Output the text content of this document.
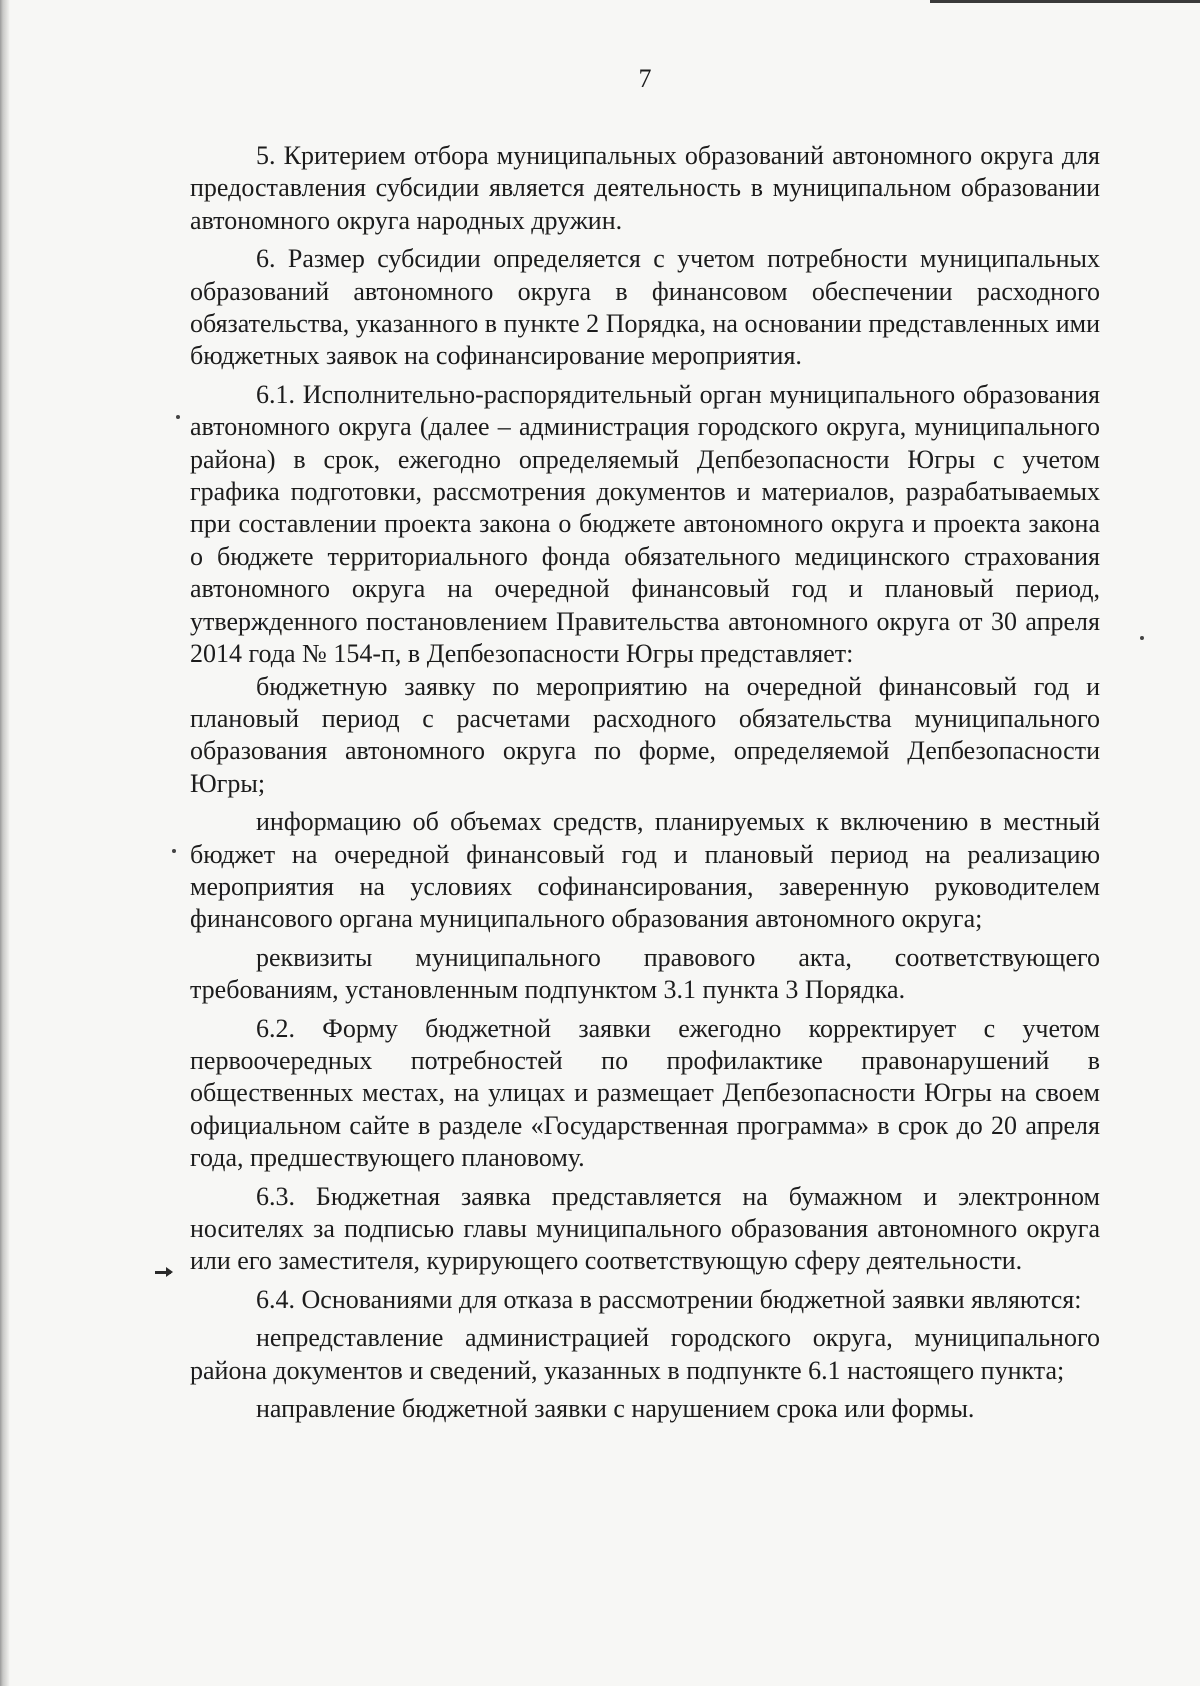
7

5. Критерием отбора муниципальных образований автономного округа для предоставления субсидии является деятельность в муниципальном образовании автономного округа народных дружин.

6. Размер субсидии определяется с учетом потребности муниципальных образований автономного округа в финансовом обеспечении расходного обязательства, указанного в пункте 2 Порядка, на основании представленных ими бюджетных заявок на софинансирование мероприятия.

6.1. Исполнительно-распорядительный орган муниципального образования автономного округа (далее – администрация городского округа, муниципального района) в срок, ежегодно определяемый Депбезопасности Югры с учетом графика подготовки, рассмотрения документов и материалов, разрабатываемых при составлении проекта закона о бюджете автономного округа и проекта закона о бюджете территориального фонда обязательного медицинского страхования автономного округа на очередной финансовый год и плановый период, утвержденного постановлением Правительства автономного округа от 30 апреля 2014 года № 154-п, в Депбезопасности Югры представляет:

бюджетную заявку по мероприятию на очередной финансовый год и плановый период с расчетами расходного обязательства муниципального образования автономного округа по форме, определяемой Депбезопасности Югры;

информацию об объемах средств, планируемых к включению в местный бюджет на очередной финансовый год и плановый период на реализацию мероприятия на условиях софинансирования, заверенную руководителем финансового органа муниципального образования автономного округа;

реквизиты муниципального правового акта, соответствующего требованиям, установленным подпунктом 3.1 пункта 3 Порядка.

6.2. Форму бюджетной заявки ежегодно корректирует с учетом первоочередных потребностей по профилактике правонарушений в общественных местах, на улицах и размещает Депбезопасности Югры на своем официальном сайте в разделе «Государственная программа» в срок до 20 апреля года, предшествующего плановому.

6.3. Бюджетная заявка представляется на бумажном и электронном носителях за подписью главы муниципального образования автономного округа или его заместителя, курирующего соответствующую сферу деятельности.

6.4. Основаниями для отказа в рассмотрении бюджетной заявки являются:

непредставление администрацией городского округа, муниципального района документов и сведений, указанных в подпункте 6.1 настоящего пункта;

направление бюджетной заявки с нарушением срока или формы.
